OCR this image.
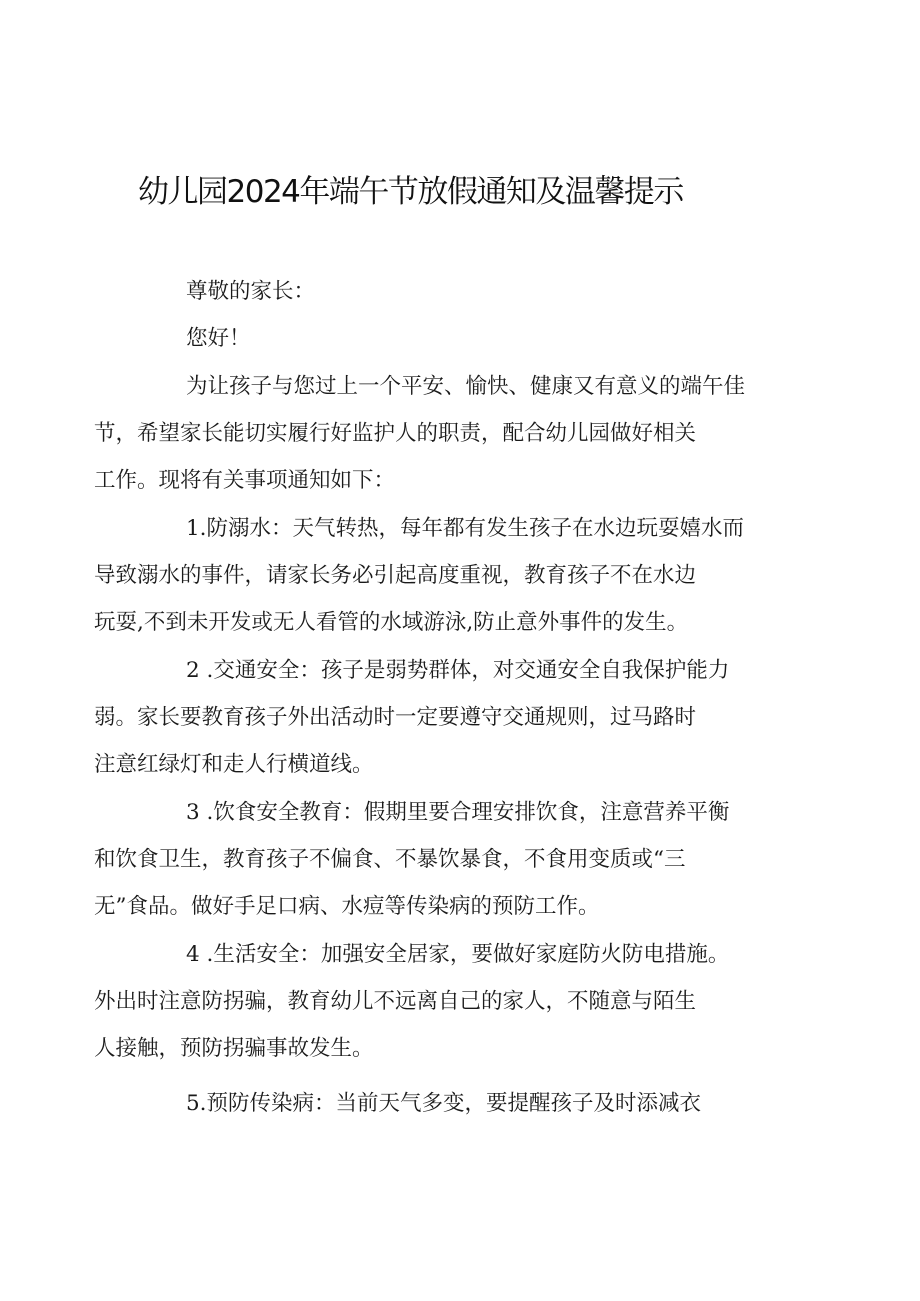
幼儿园2024年端午节放假通知及温馨提示

尊敬的家长：

您好！

为让孩子与您过上一个平安、愉快、健康又有意义的端午佳
节，希望家长能切实履行好监护人的职责，配合幼儿园做好相关
工作。现将有关事项通知如下：

1.防溺水：天气转热，每年都有发生孩子在水边玩耍嬉水而
导致溺水的事件，请家长务必引起高度重视，教育孩子不在水边
玩耍,不到未开发或无人看管的水域游泳,防止意外事件的发生。

2 .交通安全：孩子是弱势群体，对交通安全自我保护能力
弱。家长要教育孩子外出活动时一定要遵守交通规则，过马路时
注意红绿灯和走人行横道线。

3 .饮食安全教育：假期里要合理安排饮食，注意营养平衡
和饮食卫生，教育孩子不偏食、不暴饮暴食，不食用变质或“三
无”食品。做好手足口病、水痘等传染病的预防工作。

4 .生活安全：加强安全居家，要做好家庭防火防电措施。
外出时注意防拐骗，教育幼儿不远离自己的家人，不随意与陌生
人接触，预防拐骗事故发生。

5.预防传染病：当前天气多变，要提醒孩子及时添减衣
